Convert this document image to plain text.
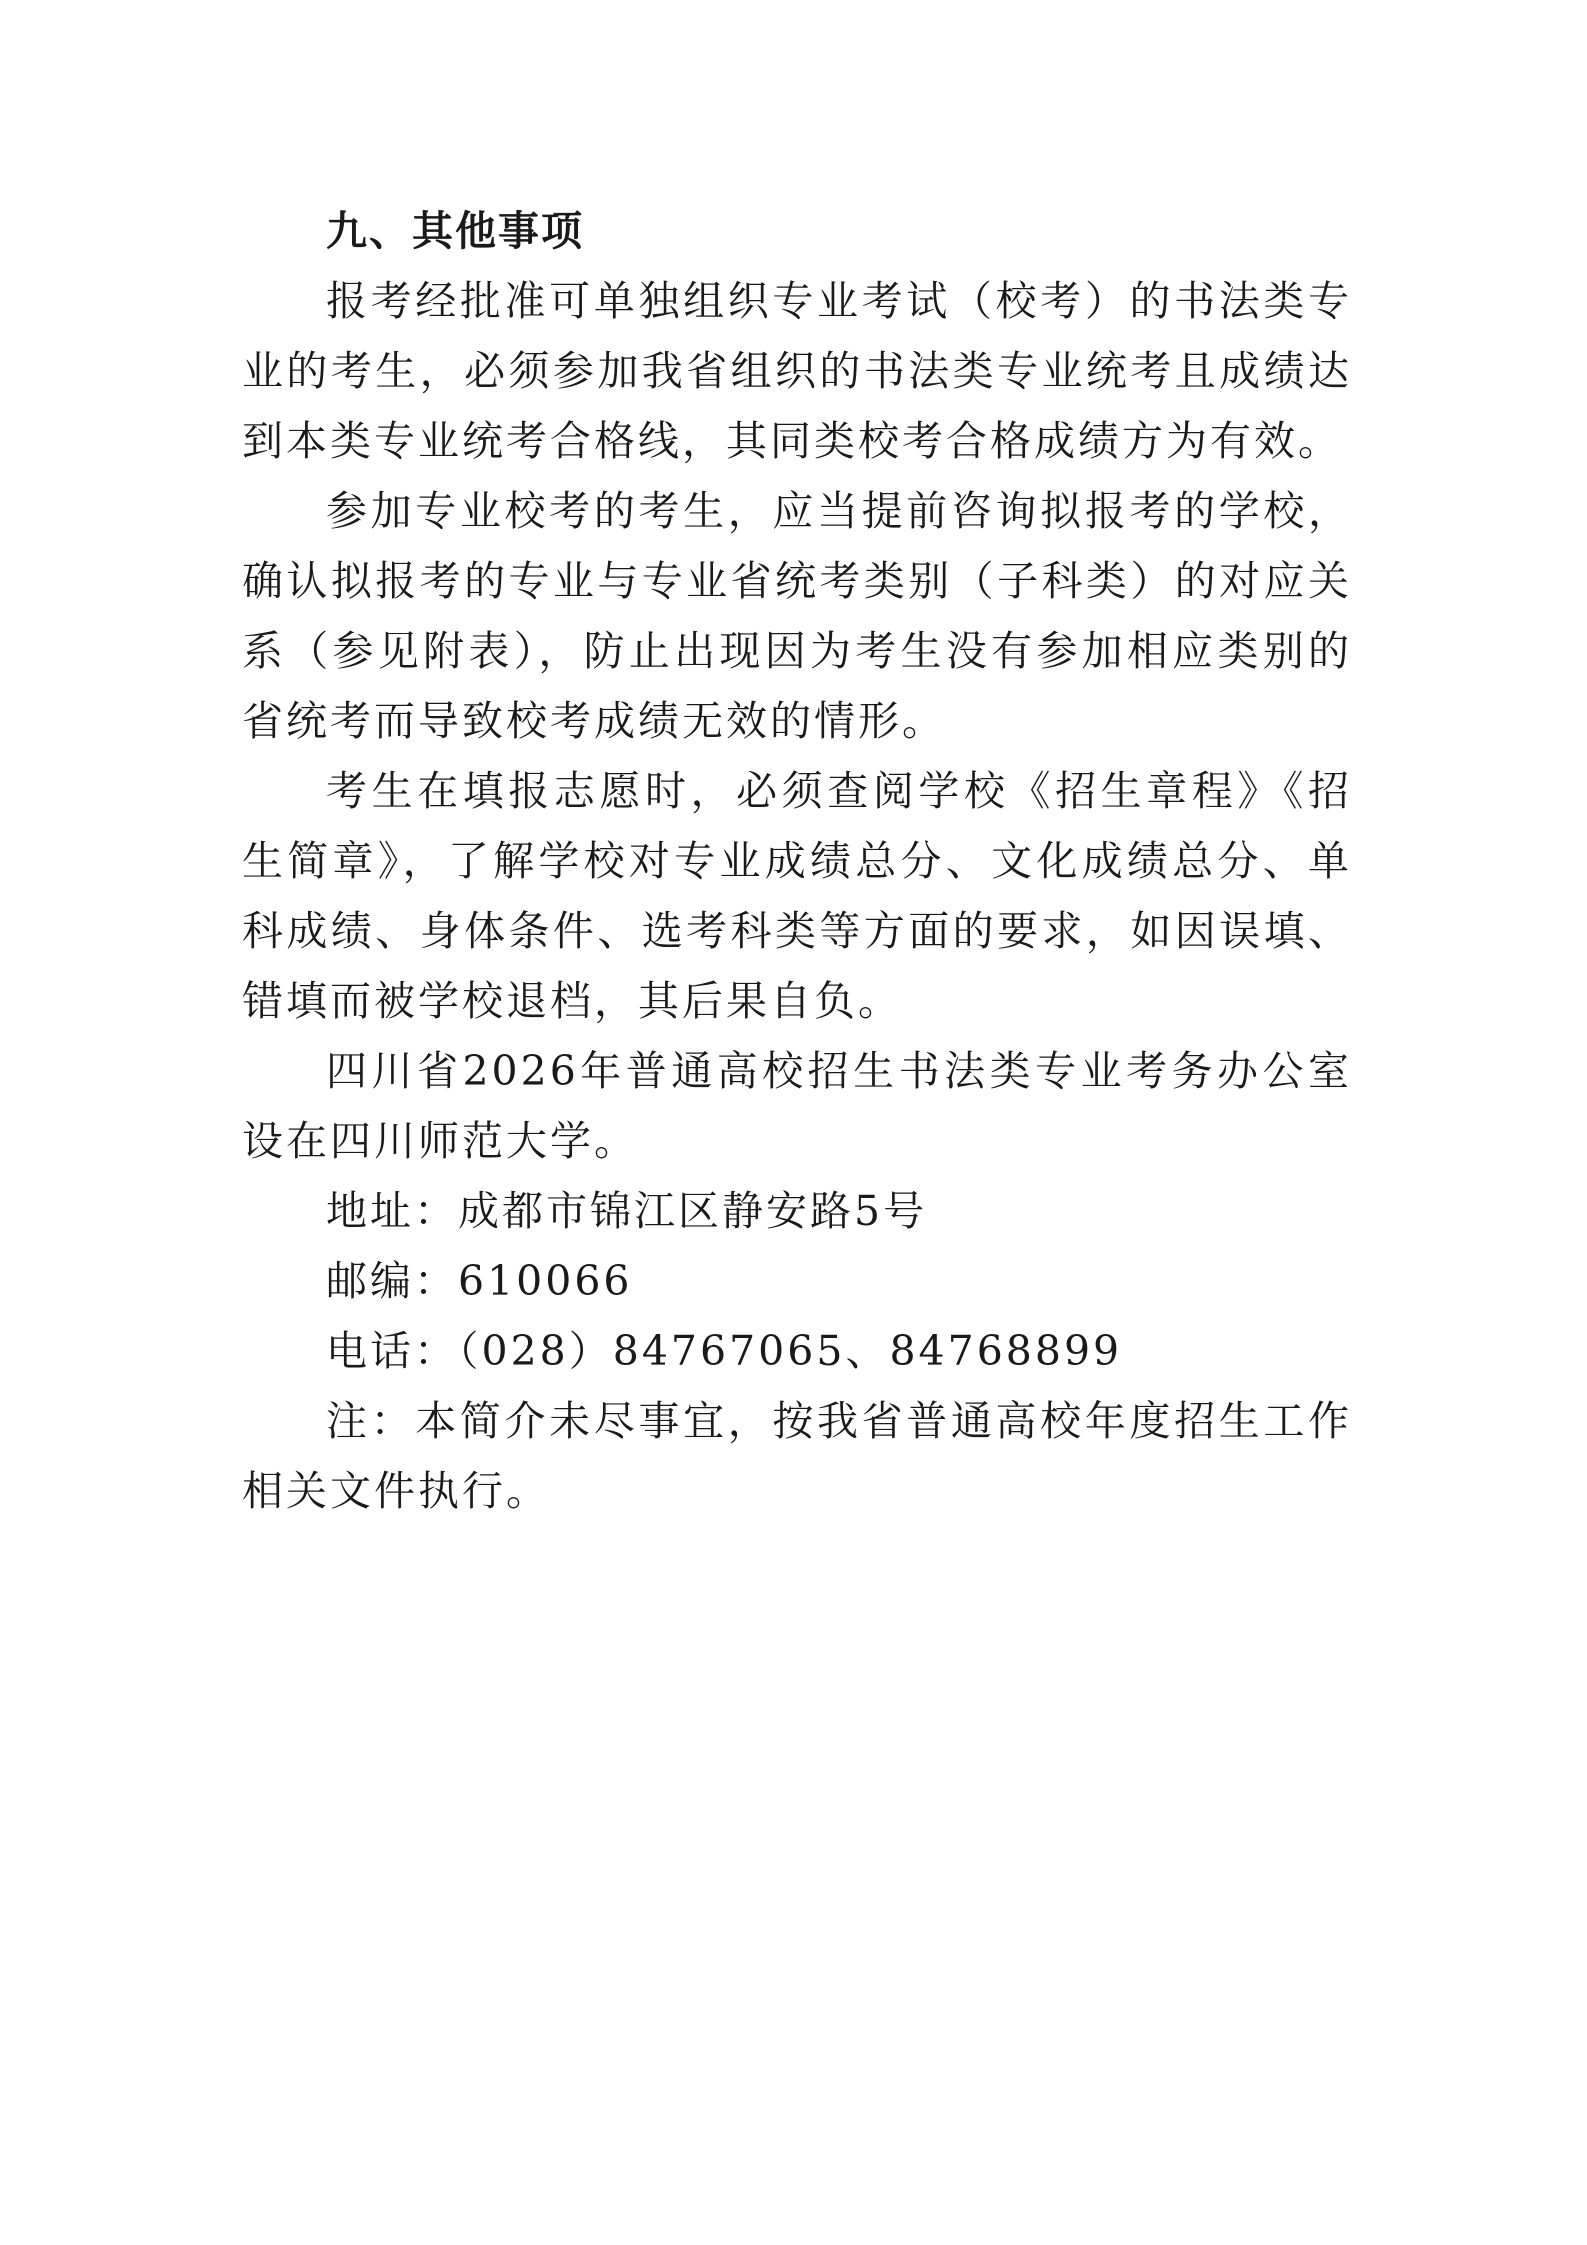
九、其他事项

报考经批准可单独组织专业考试（校考）的书法类专业的考生，必须参加我省组织的书法类专业统考且成绩达到本类专业统考合格线，其同类校考合格成绩方为有效。

参加专业校考的考生，应当提前咨询拟报考的学校，确认拟报考的专业与专业省统考类别（子科类）的对应关系（参见附表），防止出现因为考生没有参加相应类别的省统考而导致校考成绩无效的情形。

考生在填报志愿时，必须查阅学校《招生章程》《招生简章》，了解学校对专业成绩总分、文化成绩总分、单科成绩、身体条件、选考科类等方面的要求，如因误填、错填而被学校退档，其后果自负。

四川省2026年普通高校招生书法类专业考务办公室设在四川师范大学。

地址：成都市锦江区静安路5号

邮编：610066

电话：（028）84767065、84768899

注：本简介未尽事宜，按我省普通高校年度招生工作相关文件执行。
